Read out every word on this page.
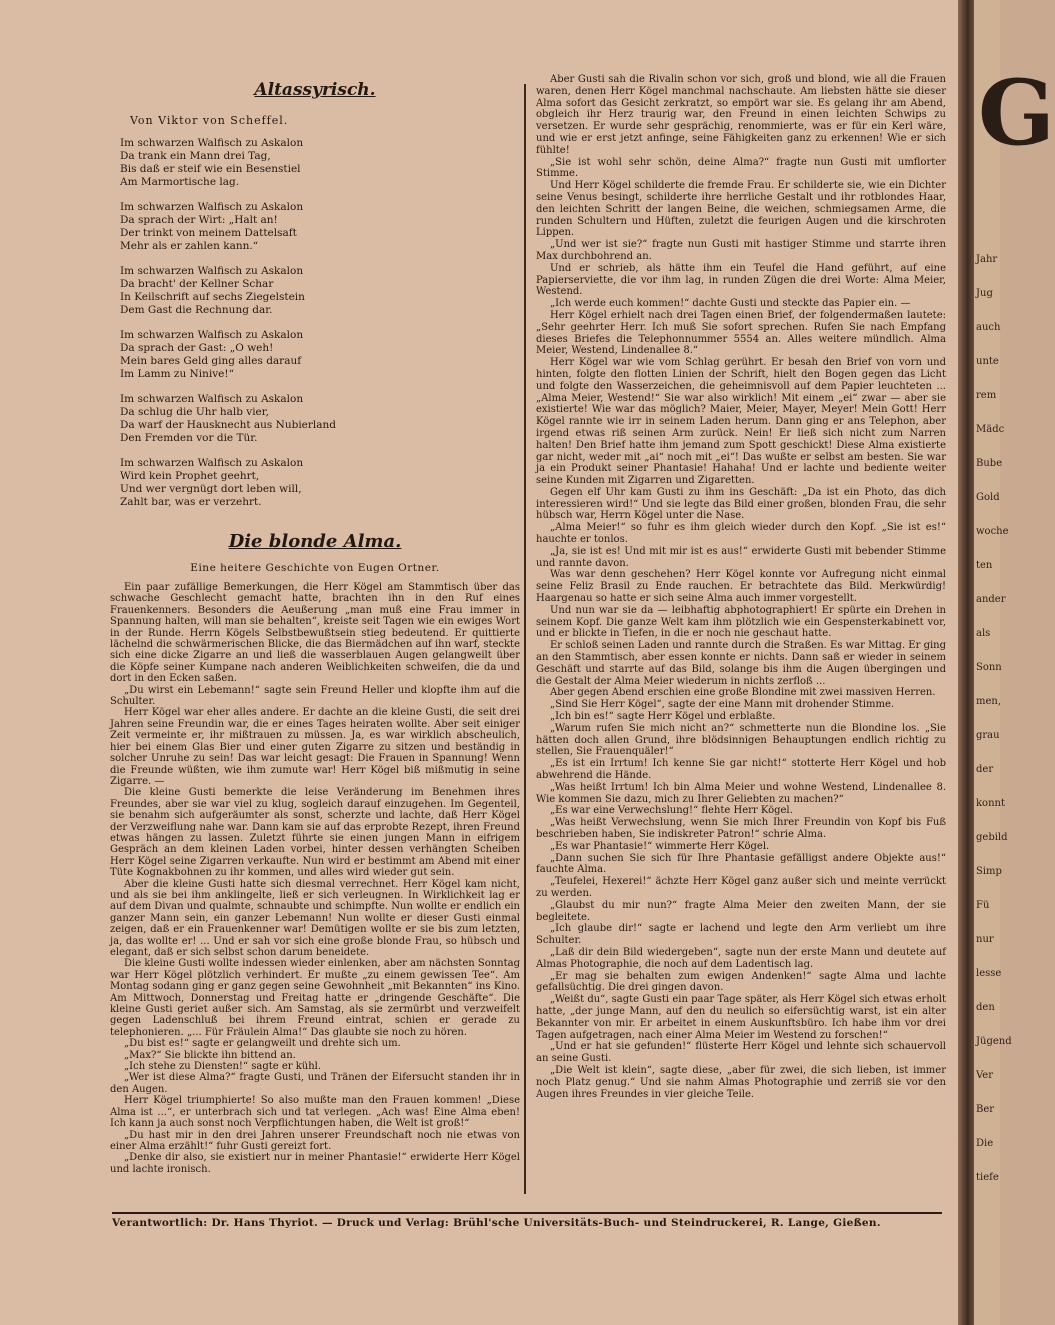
Altassyrisch.
Von Viktor von Scheffel.
Im schwarzen Walfisch zu Askalon
Da trank ein Mann drei Tag,
Bis daß er steif wie ein Besenstiel
Am Marmortische lag.
Im schwarzen Walfisch zu Askalon
Da sprach der Wirt: „Halt an!
Der trinkt von meinem Dattelsaft
Mehr als er zahlen kann.“
Im schwarzen Walfisch zu Askalon
Da bracht' der Kellner Schar
In Keilschrift auf sechs Ziegelstein
Dem Gast die Rechnung dar.
Im schwarzen Walfisch zu Askalon
Da sprach der Gast: „O weh!
Mein bares Geld ging alles darauf
Im Lamm zu Ninive!“
Im schwarzen Walfisch zu Askalon
Da schlug die Uhr halb vier,
Da warf der Hausknecht aus Nubierland
Den Fremden vor die Tür.
Im schwarzen Walfisch zu Askalon
Wird kein Prophet geehrt,
Und wer vergnügt dort leben will,
Zahlt bar, was er verzehrt.
Die blonde Alma.
Eine heitere Geschichte von Eugen Ortner.

Ein paar zufällige Bemerkungen, die Herr Kögel am Stammtisch über das schwache Geschlecht gemacht hatte, brachten ihn in den Ruf eines Frauenkenners. Besonders die Aeußerung „man muß eine Frau immer in Spannung halten, will man sie behalten“, kreiste seit Tagen wie ein ewiges Wort in der Runde. Herrn Kögels Selbstbewußtsein stieg bedeutend. Er quittierte lächelnd die schwärmerischen Blicke, die das Biermädchen auf ihn warf, steckte sich eine dicke Zigarre an und ließ die wasserblauen Augen gelangweilt über die Köpfe seiner Kumpane nach anderen Weiblichkeiten schweifen, die da und dort in den Ecken saßen.

„Du wirst ein Lebemann!“ sagte sein Freund Heller und klopfte ihm auf die Schulter.

Herr Kögel war eher alles andere. Er dachte an die kleine Gusti, die seit drei Jahren seine Freundin war, die er eines Tages heiraten wollte. Aber seit einiger Zeit vermeinte er, ihr mißtrauen zu müssen. Ja, es war wirklich abscheulich, hier bei einem Glas Bier und einer guten Zigarre zu sitzen und beständig in solcher Unruhe zu sein! Das war leicht gesagt: Die Frauen in Spannung! Wenn die Freunde wüßten, wie ihm zumute war! Herr Kögel biß mißmutig in seine Zigarre. —

Die kleine Gusti bemerkte die leise Veränderung im Benehmen ihres Freundes, aber sie war viel zu klug, sogleich darauf einzugehen. Im Gegenteil, sie benahm sich aufgeräumter als sonst, scherzte und lachte, daß Herr Kögel der Verzweiflung nahe war. Dann kam sie auf das erprobte Rezept, ihren Freund etwas hängen zu lassen. Zuletzt führte sie einen jungen Mann in eifrigem Gespräch an dem kleinen Laden vorbei, hinter dessen verhängten Scheiben Herr Kögel seine Zigarren verkaufte. Nun wird er bestimmt am Abend mit einer Tüte Kognakbohnen zu ihr kommen, und alles wird wieder gut sein.

Aber die kleine Gusti hatte sich diesmal verrechnet. Herr Kögel kam nicht, und als sie bei ihm anklingelte, ließ er sich verleugnen. In Wirklichkeit lag er auf dem Divan und qualmte, schnaubte und schimpfte. Nun wollte er endlich ein ganzer Mann sein, ein ganzer Lebemann! Nun wollte er dieser Gusti einmal zeigen, daß er ein Frauenkenner war! Demütigen wollte er sie bis zum letzten, ja, das wollte er! ... Und er sah vor sich eine große blonde Frau, so hübsch und elegant, daß er sich selbst schon darum beneidete.

Die kleine Gusti wollte indessen wieder einlenken, aber am nächsten Sonntag war Herr Kögel plötzlich verhindert. Er mußte „zu einem gewissen Tee“. Am Montag sodann ging er ganz gegen seine Gewohnheit „mit Bekannten“ ins Kino. Am Mittwoch, Donnerstag und Freitag hatte er „dringende Geschäfte“. Die kleine Gusti geriet außer sich. Am Samstag, als sie zermürbt und verzweifelt gegen Ladenschluß bei ihrem Freund eintrat, schien er gerade zu telephonieren. „... Für Fräulein Alma!“ Das glaubte sie noch zu hören.

„Du bist es!“ sagte er gelangweilt und drehte sich um.

„Max?“ Sie blickte ihn bittend an.

„Ich stehe zu Diensten!“ sagte er kühl.

„Wer ist diese Alma?“ fragte Gusti, und Tränen der Eifersucht standen ihr in den Augen.

Herr Kögel triumphierte! So also mußte man den Frauen kommen! „Diese Alma ist ...“, er unterbrach sich und tat verlegen. „Ach was! Eine Alma eben! Ich kann ja auch sonst noch Verpflichtungen haben, die Welt ist groß!“

„Du hast mir in den drei Jahren unserer Freundschaft noch nie etwas von einer Alma erzählt!“ fuhr Gusti gereizt fort.

„Denke dir also, sie existiert nur in meiner Phantasie!“ erwiderte Herr Kögel und lachte ironisch.

Aber Gusti sah die Rivalin schon vor sich, groß und blond, wie all die Frauen waren, denen Herr Kögel manchmal nachschaute. Am liebsten hätte sie dieser Alma sofort das Gesicht zerkratzt, so empört war sie. Es gelang ihr am Abend, obgleich ihr Herz traurig war, den Freund in einen leichten Schwips zu versetzen. Er wurde sehr gesprächig, renommierte, was er für ein Kerl wäre, und wie er erst jetzt anfinge, seine Fähigkeiten ganz zu erkennen! Wie er sich fühlte!

„Sie ist wohl sehr schön, deine Alma?“ fragte nun Gusti mit umflorter Stimme.

Und Herr Kögel schilderte die fremde Frau. Er schilderte sie, wie ein Dichter seine Venus besingt, schilderte ihre herrliche Gestalt und ihr rotblondes Haar, den leichten Schritt der langen Beine, die weichen, schmiegsamen Arme, die runden Schultern und Hüften, zuletzt die feurigen Augen und die kirschroten Lippen.

„Und wer ist sie?“ fragte nun Gusti mit hastiger Stimme und starrte ihren Max durchbohrend an.

Und er schrieb, als hätte ihm ein Teufel die Hand geführt, auf eine Papierserviette, die vor ihm lag, in runden Zügen die drei Worte: Alma Meier, Westend.

„Ich werde euch kommen!“ dachte Gusti und steckte das Papier ein. —

Herr Kögel erhielt nach drei Tagen einen Brief, der folgendermaßen lautete: „Sehr geehrter Herr. Ich muß Sie sofort sprechen. Rufen Sie nach Empfang dieses Briefes die Telephonnummer 5554 an. Alles weitere mündlich. Alma Meier, Westend, Lindenallee 8.“

Herr Kögel war wie vom Schlag gerührt. Er besah den Brief von vorn und hinten, folgte den flotten Linien der Schrift, hielt den Bogen gegen das Licht und folgte den Wasserzeichen, die geheimnisvoll auf dem Papier leuchteten ... „Alma Meier, Westend!“ Sie war also wirklich! Mit einem „ei“ zwar — aber sie existierte! Wie war das möglich? Maier, Meier, Mayer, Meyer! Mein Gott! Herr Kögel rannte wie irr in seinem Laden herum. Dann ging er ans Telephon, aber irgend etwas riß seinen Arm zurück. Nein! Er ließ sich nicht zum Narren halten! Den Brief hatte ihm jemand zum Spott geschickt! Diese Alma existierte gar nicht, weder mit „ai“ noch mit „ei“! Das wußte er selbst am besten. Sie war ja ein Produkt seiner Phantasie! Hahaha! Und er lachte und bediente weiter seine Kunden mit Zigarren und Zigaretten.

Gegen elf Uhr kam Gusti zu ihm ins Geschäft: „Da ist ein Photo, das dich interessieren wird!“ Und sie legte das Bild einer großen, blonden Frau, die sehr hübsch war, Herrn Kögel unter die Nase.

„Alma Meier!“ so fuhr es ihm gleich wieder durch den Kopf. „Sie ist es!“ hauchte er tonlos.

„Ja, sie ist es! Und mit mir ist es aus!“ erwiderte Gusti mit bebender Stimme und rannte davon.

Was war denn geschehen? Herr Kögel konnte vor Aufregung nicht einmal seine Feliz Brasil zu Ende rauchen. Er betrachtete das Bild. Merkwürdig! Haargenau so hatte er sich seine Alma auch immer vorgestellt.

Und nun war sie da — leibhaftig abphotographiert! Er spürte ein Drehen in seinem Kopf. Die ganze Welt kam ihm plötzlich wie ein Gespensterkabinett vor, und er blickte in Tiefen, in die er noch nie geschaut hatte.

Er schloß seinen Laden und rannte durch die Straßen. Es war Mittag. Er ging an den Stammtisch, aber essen konnte er nichts. Dann saß er wieder in seinem Geschäft und starrte auf das Bild, solange bis ihm die Augen übergingen und die Gestalt der Alma Meier wiederum in nichts zerfloß ...

Aber gegen Abend erschien eine große Blondine mit zwei massiven Herren.

„Sind Sie Herr Kögel“, sagte der eine Mann mit drohender Stimme.

„Ich bin es!“ sagte Herr Kögel und erblaßte.

„Warum rufen Sie mich nicht an?“ schmetterte nun die Blondine los. „Sie hätten doch allen Grund, ihre blödsinnigen Behauptungen endlich richtig zu stellen, Sie Frauenquäler!“

„Es ist ein Irrtum! Ich kenne Sie gar nicht!“ stotterte Herr Kögel und hob abwehrend die Hände.

„Was heißt Irrtum! Ich bin Alma Meier und wohne Westend, Lindenallee 8. Wie kommen Sie dazu, mich zu Ihrer Geliebten zu machen?“

„Es war eine Verwechslung!“ flehte Herr Kögel.

„Was heißt Verwechslung, wenn Sie mich Ihrer Freundin von Kopf bis Fuß beschrieben haben, Sie indiskreter Patron!“ schrie Alma.

„Es war Phantasie!“ wimmerte Herr Kögel.

„Dann suchen Sie sich für Ihre Phantasie gefälligst andere Objekte aus!“ fauchte Alma.

„Teufelei, Hexerei!“ ächzte Herr Kögel ganz außer sich und meinte verrückt zu werden.

„Glaubst du mir nun?“ fragte Alma Meier den zweiten Mann, der sie begleitete.

„Ich glaube dir!“ sagte er lachend und legte den Arm verliebt um ihre Schulter.

„Laß dir dein Bild wiedergeben“, sagte nun der erste Mann und deutete auf Almas Photographie, die noch auf dem Ladentisch lag.

„Er mag sie behalten zum ewigen Andenken!“ sagte Alma und lachte gefallsüchtig. Die drei gingen davon.

„Weißt du“, sagte Gusti ein paar Tage später, als Herr Kögel sich etwas erholt hatte, „der junge Mann, auf den du neulich so eifersüchtig warst, ist ein alter Bekannter von mir. Er arbeitet in einem Auskunftsbüro. Ich habe ihm vor drei Tagen aufgetragen, nach einer Alma Meier im Westend zu forschen!“

„Und er hat sie gefunden!“ flüsterte Herr Kögel und lehnte sich schauervoll an seine Gusti.

„Die Welt ist klein“, sagte diese, „aber für zwei, die sich lieben, ist immer noch Platz genug.“ Und sie nahm Almas Photographie und zerriß sie vor den Augen ihres Freundes in vier gleiche Teile.

Verantwortlich: Dr. Hans Thyriot. — Druck und Verlag: Brühl'sche Universitäts-Buch- und Steindruckerei, R. Lange, Gießen.
G
Jahr
Jug
auch
unte
rem
Mädc
Bube
Gold
woche
ten
ander
als
Sonn
men,
grau
der
konnt
gebild
Simp
Fü
nur
lesse
den
Jügend
Ver
Ber
Die
tiefe
